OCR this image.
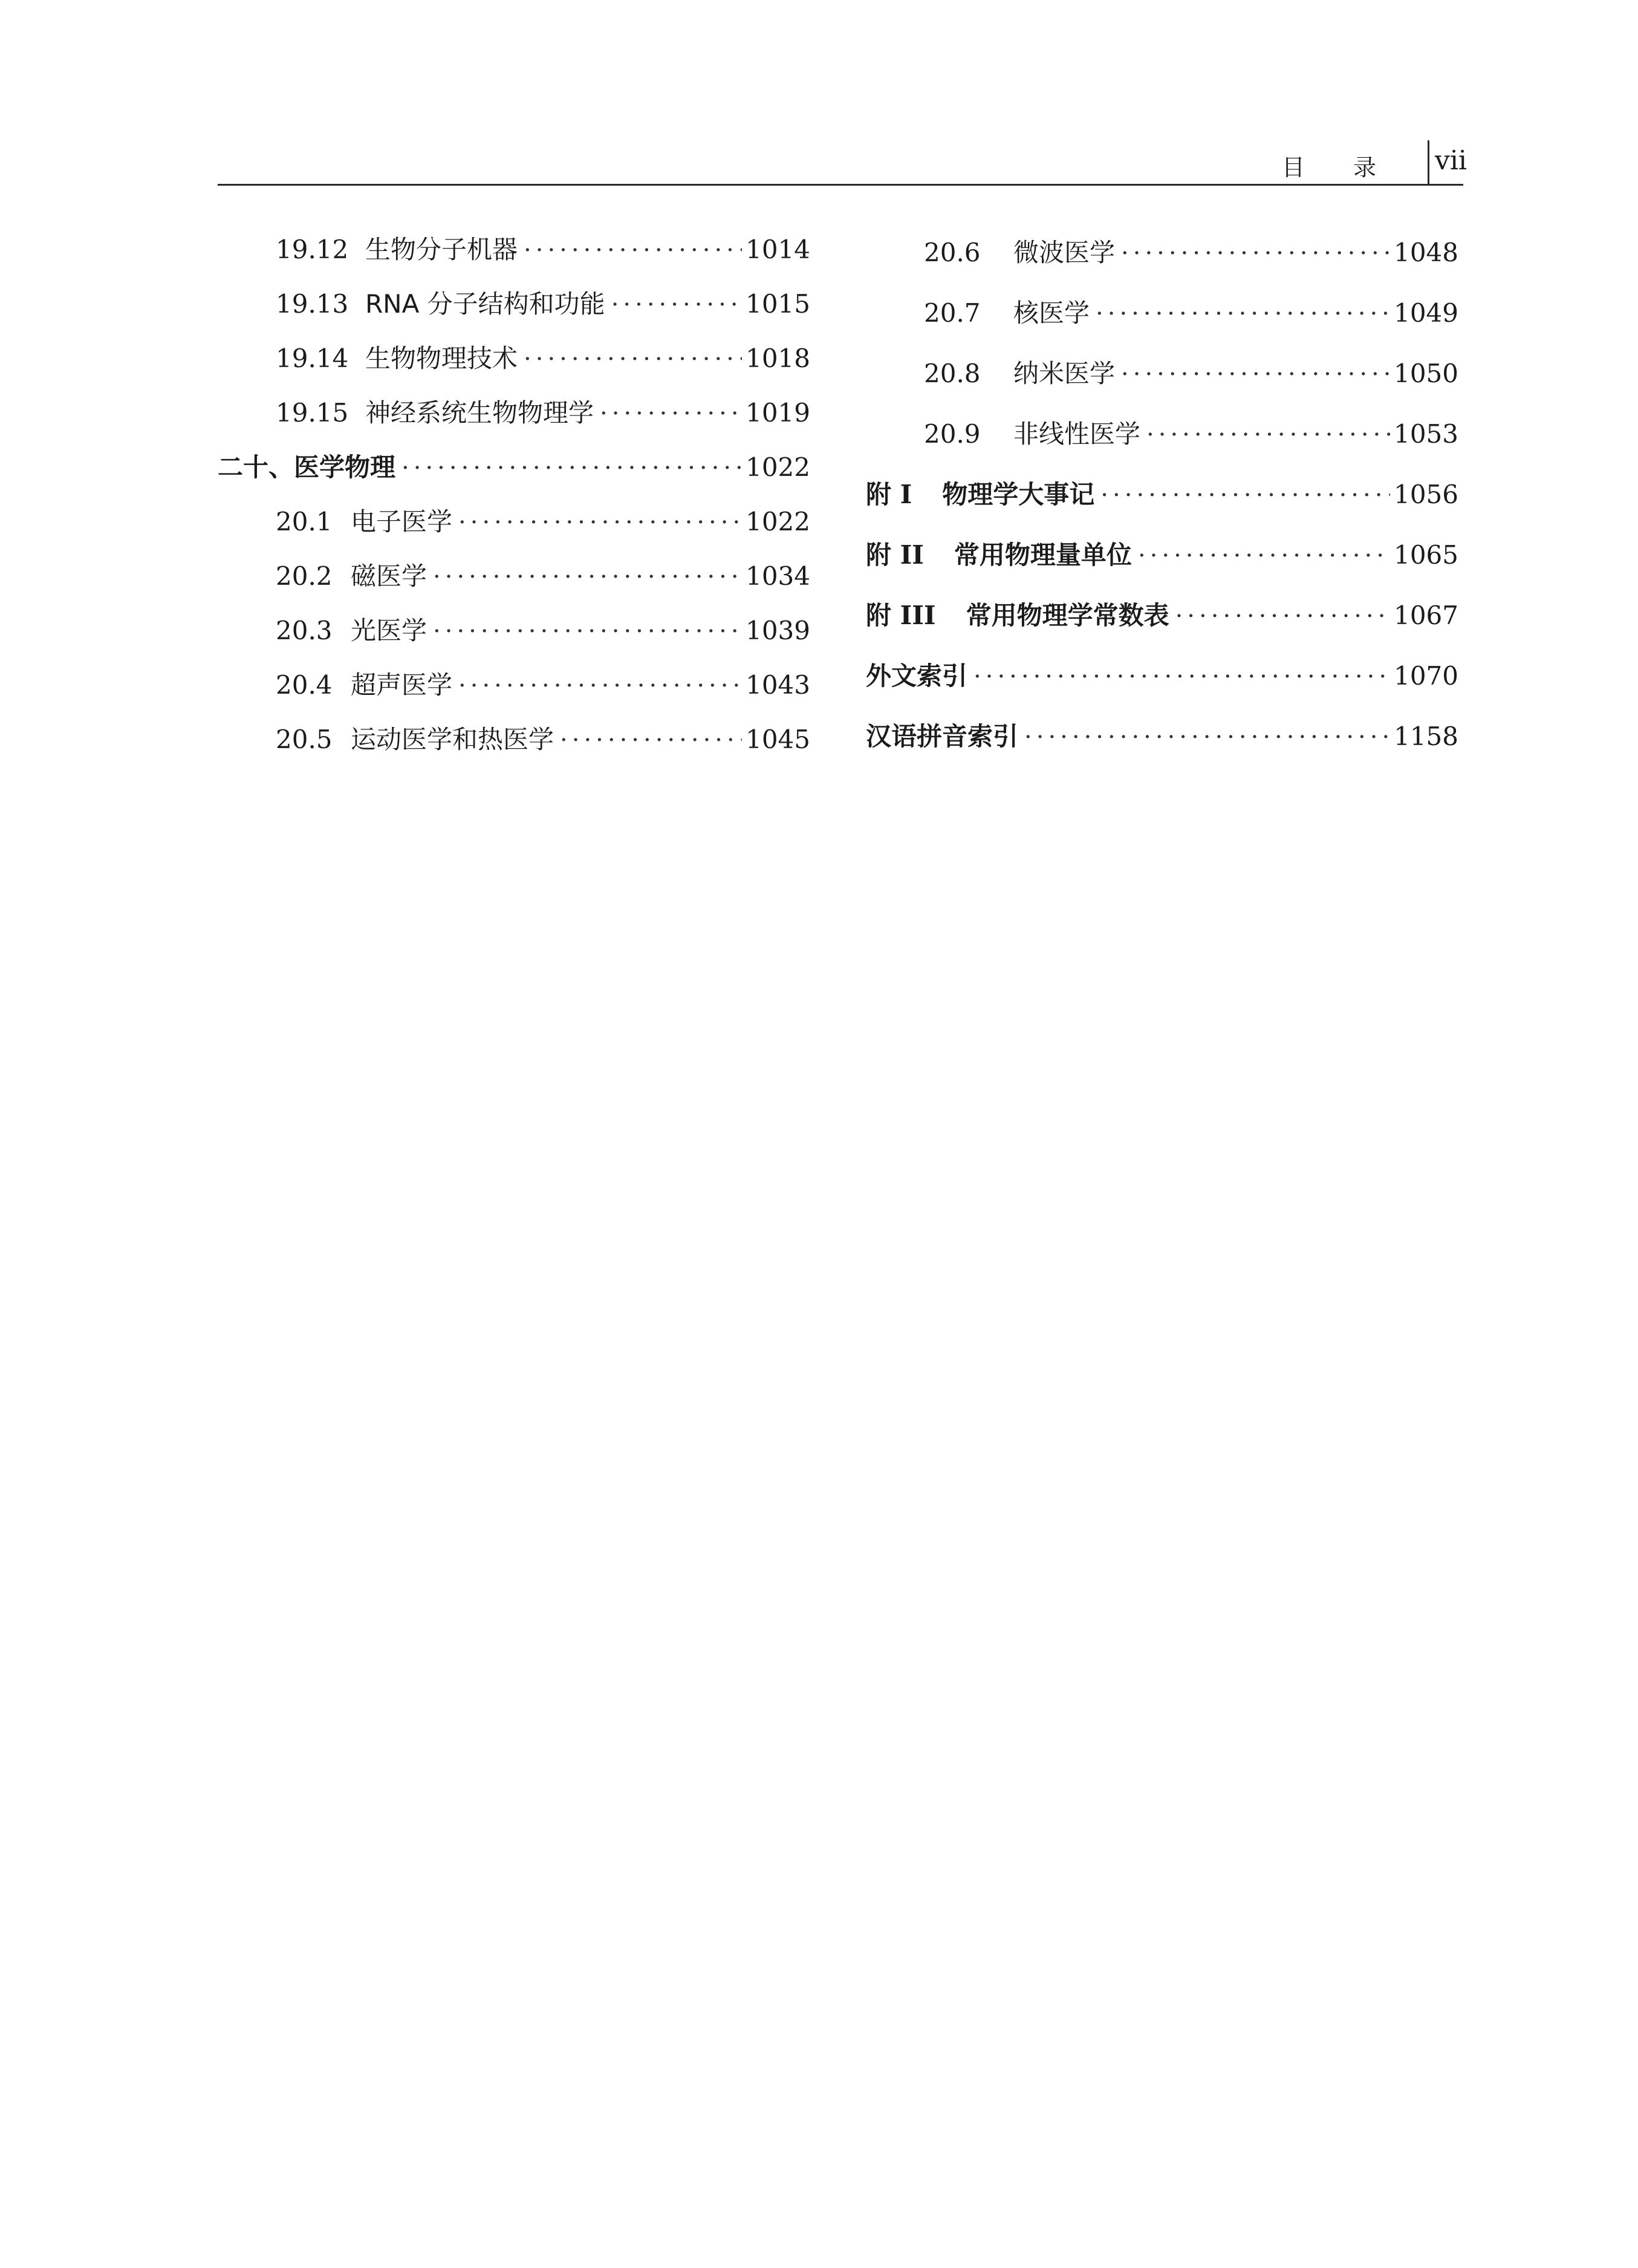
目 录 vii
19.12 生物分子机器 ·····	1014
19.13 RNA 分子结构和功能 ·····	1015
19.14 生物物理技术 ·····	1018
19.15 神经系统生物物理学 ·····	1019
二十、医学物理 ·····	1022
20.1 电子医学 ·····	1022
20.2 磁医学 ·····	1034
20.3 光医学 ·····	1039
20.4 超声医学 ·····	1043
20.5 运动医学和热医学 ·····	1045
20.6	微波医学 ·····	1048
20.7	核医学 ·····	1049
20.8	纳米医学 ·····	1050
20.9	非线性医学 ·····	1053
附 I 物理学大事记 ·····	1056
附 II 常用物理量单位 ·····	1065
附 III 常用物理学常数表 ·····	1067
外文索引 ·····	1070
汉语拼音索引 ·····	1158
